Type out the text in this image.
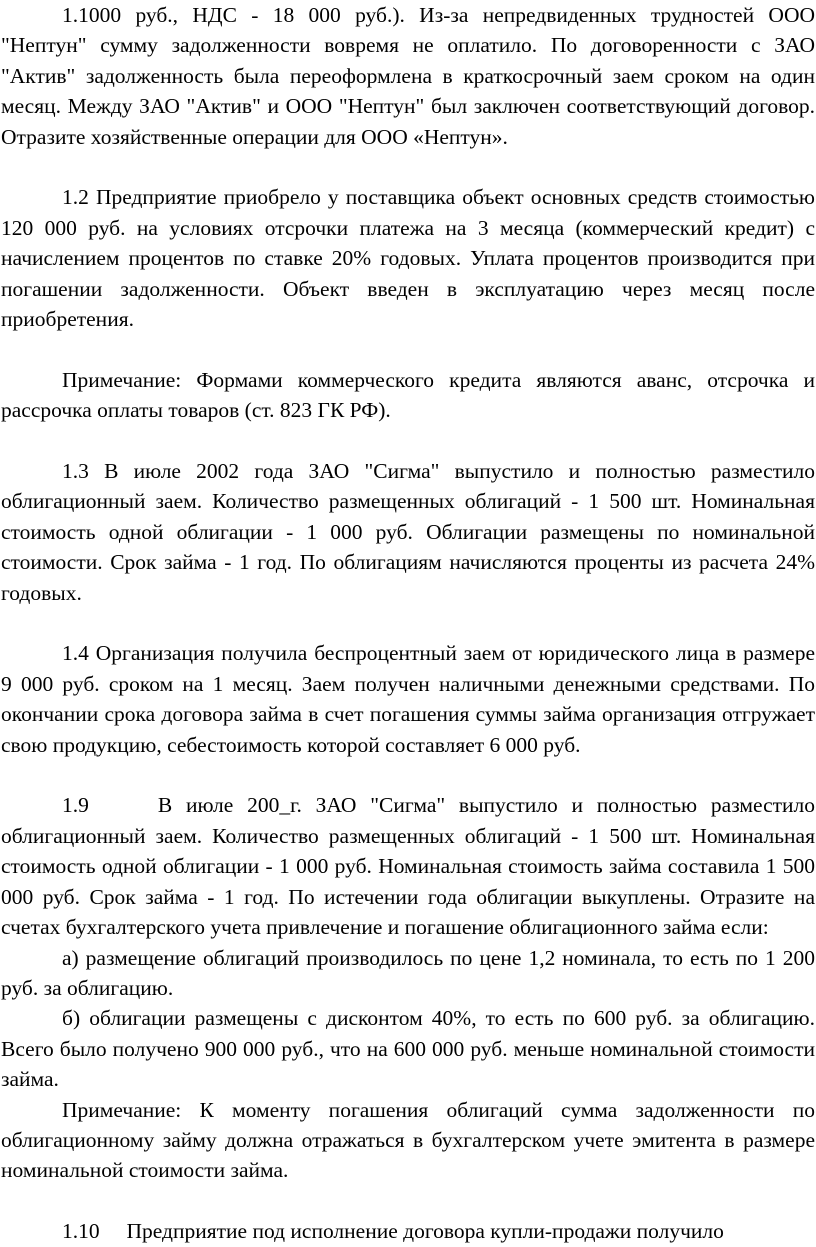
1.1000 руб., НДС - 18 000 руб.). Из-за непредвиденных трудностей ООО "Нептун" сумму задолженности вовремя не оплатило. По договоренности с ЗАО "Актив" задолженность была переоформлена в краткосрочный заем сроком на один месяц. Между ЗАО "Актив" и ООО "Нептун" был заключен соответствующий договор. Отразите хозяйственные операции для ООО «Нептун».

1.2 Предприятие приобрело у поставщика объект основных средств стоимостью 120 000 руб. на условиях отсрочки платежа на 3 месяца (коммерческий кредит) с начислением процентов по ставке 20% годовых. Уплата процентов производится при погашении задолженности. Объект введен в эксплуатацию через месяц после приобретения.

Примечание: Формами коммерческого кредита являются аванс, отсрочка и рассрочка оплаты товаров (ст. 823 ГК РФ).

1.3 В июле 2002 года ЗАО "Сигма" выпустило и полностью разместило облигационный заем. Количество размещенных облигаций - 1 500 шт. Номинальная стоимость одной облигации - 1 000 руб. Облигации размещены по номинальной стоимости. Срок займа - 1 год. По облигациям начисляются проценты из расчета 24% годовых.

1.4 Организация получила беспроцентный заем от юридического лица в размере 9 000 руб. сроком на 1 месяц. Заем получен наличными денежными средствами. По окончании срока договора займа в счет погашения суммы займа организация отгружает свою продукцию, себестоимость которой составляет 6 000 руб.

1.9     В июле 200_г. ЗАО "Сигма" выпустило и полностью разместило облигационный заем. Количество размещенных облигаций - 1 500 шт. Номинальная стоимость одной облигации - 1 000 руб. Номинальная стоимость займа составила 1 500 000 руб. Срок займа - 1 год. По истечении года облигации выкуплены. Отразите на счетах бухгалтерского учета привлечение и погашение облигационного займа если:

а) размещение облигаций производилось по цене 1,2 номинала, то есть по 1 200 руб. за облигацию.

б) облигации размещены с дисконтом 40%, то есть по 600 руб. за облигацию. Всего было получено 900 000 руб., что на 600 000 руб. меньше номинальной стоимости займа.

Примечание: К моменту погашения облигаций сумма задолженности по облигационному займу должна отражаться в бухгалтерском учете эмитента в размере номинальной стоимости займа.

1.10     Предприятие под исполнение договора купли-продажи получило
